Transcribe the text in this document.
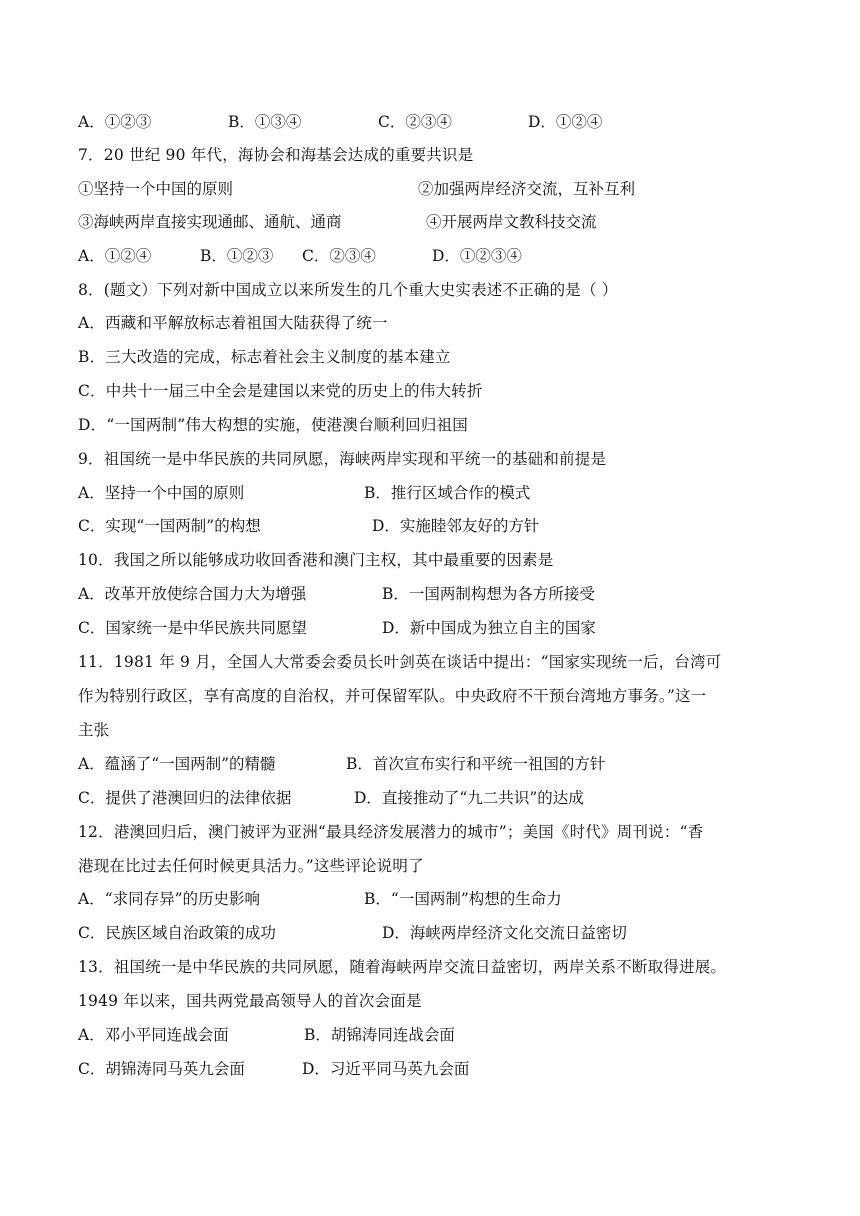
A．①②③	B．①③④	C．②③④	D．①②④
7．20 世纪 90 年代，海协会和海基会达成的重要共识是
①坚持一个中国的原则	②加强两岸经济交流，互补互利
③海峡两岸直接实现通邮、通航、通商	④开展两岸文教科技交流
A．①②④	B．①②③ C．②③④	D．①②③④
8．(题文）下列对新中国成立以来所发生的几个重大史实表述不正确的是（ ）
A．西藏和平解放标志着祖国大陆获得了统一
B．三大改造的完成，标志着社会主义制度的基本建立
C．中共十一届三中全会是建国以来党的历史上的伟大转折
D．“一国两制”伟大构想的实施，使港澳台顺利回归祖国
9．祖国统一是中华民族的共同夙愿，海峡两岸实现和平统一的基础和前提是
A．坚持一个中国的原则	B．推行区域合作的模式
C．实现“一国两制”的构想	D．实施睦邻友好的方针
10．我国之所以能够成功收回香港和澳门主权，其中最重要的因素是
A．改革开放使综合国力大为增强	B．一国两制构想为各方所接受
C．国家统一是中华民族共同愿望	D．新中国成为独立自主的国家
11．1981 年 9 月，全国人大常委会委员长叶剑英在谈话中提出：“国家实现统一后，台湾可
作为特别行政区，享有高度的自治权，并可保留军队。中央政府不干预台湾地方事务。”这一
主张
A．蕴涵了“一国两制”的精髓	B．首次宣布实行和平统一祖国的方针
C．提供了港澳回归的法律依据	D．直接推动了“九二共识”的达成
12．港澳回归后，澳门被评为亚洲“最具经济发展潜力的城市”；美国《时代》周刊说：“香
港现在比过去任何时候更具活力。”这些评论说明了
A．“求同存异”的历史影响	B．“一国两制”构想的生命力
C．民族区域自治政策的成功	D．海峡两岸经济文化交流日益密切
13．祖国统一是中华民族的共同夙愿，随着海峡两岸交流日益密切，两岸关系不断取得进展。
1949 年以来，国共两党最高领导人的首次会面是
A．邓小平同连战会面	B．胡锦涛同连战会面
C．胡锦涛同马英九会面	D．习近平同马英九会面
